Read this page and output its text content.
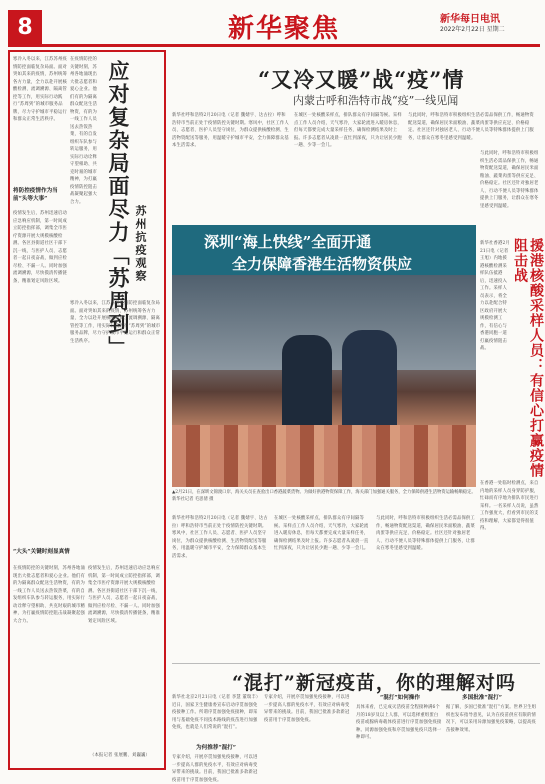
8	新华聚焦	新华每日电讯
2022年2月22日 星期二
寒冷入冬以来，江苏苏州疫情防控面临复杂局面。面对突如其来的疫情，苏州统筹各方力量，全力以赴开展核酸检测、流调溯源、隔离管控等工作，用实际行动践行“苏周到”的城市服务品牌，尽力守护城市平稳运行和群众正常生活秩序。	应对复杂局面尽力「苏周到」 苏州抗疫观察
在疫情防控的关键时刻，苏州各地涌现出大批志愿者和爱心企业。他们有的为隔离群众配送生活物资，有的为一线工作人员送去热饭热菜，有的自发组织车队参与转运服务，用实际行动诠释守望相助、共克时艰的城市精神，为打赢疫情防控阻击战凝聚起强大合力。
将防控疫情作为当前“头等大事”
疫情发生后，苏州迅速启动应急响应机制，第一时间成立防控指挥部，调集全市医疗资源开展大规模核酸检测。各区县街道社区干部下沉一线，与医护人员、志愿者一起日夜奋战，做到应检尽检、不漏一人。同时加强流调溯源，尽快摸清传播链条，精准划定风险区域。
寒冷入冬以来，江苏苏州疫情防控面临复杂局面。面对突如其来的疫情，苏州统筹各方力量，全力以赴开展核酸检测、流调溯源、隔离管控等工作，用实际行动践行“苏周到”的城市服务品牌，尽力守护城市平稳运行和群众正常生活秩序。
“大头”关键时刻显真情
在疫情防控的关键时刻，苏州各地涌现出大批志愿者和爱心企业。他们有的为隔离群众配送生活物资，有的为一线工作人员送去热饭热菜，有的自发组织车队参与转运服务，用实际行动诠释守望相助、共克时艰的城市精神，为打赢疫情防控阻击战凝聚起强大合力。
疫情发生后，苏州迅速启动应急响应机制，第一时间成立防控指挥部，调集全市医疗资源开展大规模核酸检测。各区县街道社区干部下沉一线，与医护人员、志愿者一起日夜奋战，做到应检尽检、不漏一人。同时加强流调溯源，尽快摸清传播链条，精准划定风险区域。
（本报记者 张展鹏、刘巍巍）
“又冷又暖”战“疫”情
内蒙古呼和浩特市战“疫”一线见闻
新华社呼和浩特2月20日电（记者 魏婧宇、达古拉）呼和浩特市当前正处于疫情防控关键时期。寒风中，社区工作人员、志愿者、医护人员坚守岗位，为群众提供核酸检测、生活物资配送等服务，用温暖守护城市平安，全力保障群众基本生活需求。
在城区一处核酸采样点，排队群众有序间隔等候。采样点工作人员介绍，天气寒冷，大家轮流进入暖房休息，但每天都要完成大量采样任务，确保检测结果及时上报。许多志愿者从凌晨一直忙到深夜，只为让居民少跑一趟、少等一会儿。
与此同时，呼和浩特市积极组织生活必需品保供工作，畅通物资配送渠道，确保居民米面粮油、蔬菜肉蛋等供应充足、价格稳定。社区还针对独居老人、行动不便人员等特殊群体提供上门服务，让群众在寒冬里感受到温暖。
深圳“海上快线”全面开通
全力保障香港生活物资供应
▲2月21日，在深圳文锦渡口岸，海关关员在查验出口香港蔬菜货物。为做好供港物资保障工作，海关部门加强通关服务，全力保障供港生活物资运输畅顺稳定。新华社记者 毛思倩 摄
新华社呼和浩特2月20日电（记者 魏婧宇、达古拉）呼和浩特市当前正处于疫情防控关键时期。寒风中，社区工作人员、志愿者、医护人员坚守岗位，为群众提供核酸检测、生活物资配送等服务，用温暖守护城市平安，全力保障群众基本生活需求。
在城区一处核酸采样点，排队群众有序间隔等候。采样点工作人员介绍，天气寒冷，大家轮流进入暖房休息，但每天都要完成大量采样任务，确保检测结果及时上报。许多志愿者从凌晨一直忙到深夜，只为让居民少跑一趟、少等一会儿。
与此同时，呼和浩特市积极组织生活必需品保供工作，畅通物资配送渠道，确保居民米面粮油、蔬菜肉蛋等供应充足、价格稳定。社区还针对独居老人、行动不便人员等特殊群体提供上门服务，让群众在寒冬里感受到温暖。
与此同时，呼和浩特市积极组织生活必需品保供工作，畅通物资配送渠道，确保居民米面粮油、蔬菜肉蛋等供应充足、价格稳定。社区还针对独居老人、行动不便人员等特殊群体提供上门服务，让群众在寒冬里感受到温暖。
援港核酸采样人员：有信心打赢疫情阻击战
新华社香港2月21日电（记者 王旭）内地援港核酸检测采样队伍抵港后，迅速投入工作。采样人员表示，将全力以赴配合特区政府开展大规模检测工作，有信心与香港同胞一道打赢疫情阻击战。
在香港一处临时检测点，来自内地的采样人员身穿防护服，忙碌而有序地为排队市民进行采样。一名采样人员说，虽然工作强度大，但看到市民的支持和理解，大家都觉得很值得。
“混打”新冠疫苗，你的理解对吗
新华社北京2月21日电（记者 李慧 董瑞丰）近日，国家卫生健康委宣布启动序贯加强免疫接种工作。所谓序贯加强免疫接种，即采用与基础免疫不同技术路线的疫苗进行加强免疫，也就是人们常说的“混打”。
为何推荐“混打”
专家介绍，开展序贯加强免疫接种，可以进一步提高人群的免疫水平，有效应对病毒变异带来的挑战。目前，我国已批准多款新冠疫苗用于序贯加强免疫。
专家介绍，开展序贯加强免疫接种，可以进一步提高人群的免疫水平，有效应对病毒变异带来的挑战。目前，我国已批准多款新冠疫苗用于序贯加强免疫。
“混打”如何操作
具体来看，已完成灭活疫苗全程接种满6个月的18岁及以上人群，可以选择重组蛋白疫苗或腺病毒载体疫苗进行序贯加强免疫接种。同源加强免疫和序贯加强免疫只选择一种即可。
多国批准“混打”
据了解，多国已批准“混打”方案。世界卫生组织也发布指导意见，认为在疫苗供应有限的情况下，可以采用异源加强免疫策略，以提高疫苗接种效果。
